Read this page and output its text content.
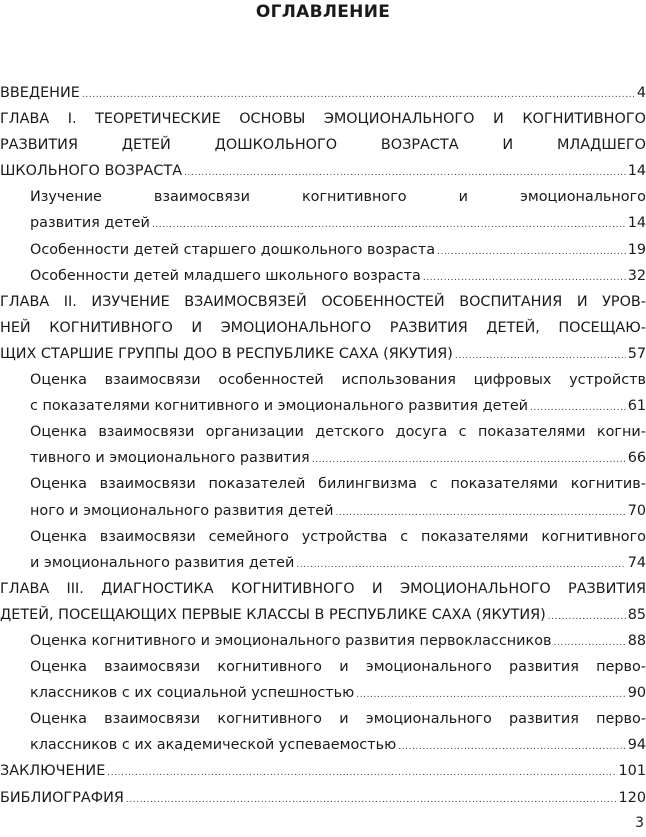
ОГЛАВЛЕНИЕ
ВВЕДЕНИЕ .....	4
ГЛАВА I. ТЕОРЕТИЧЕСКИЕ ОСНОВЫ ЭМОЦИОНАЛЬНОГО И КОГНИТИВНОГО
РАЗВИТИЯ	ДЕТЕЙ	ДОШКОЛЬНОГО	ВОЗРАСТА	И	МЛАДШЕГО
ШКОЛЬНОГО ВОЗРАСТА .....	14
Изучение	взаимосвязи	когнитивного	и	эмоционального
развития детей .....	14
Особенности детей старшего дошкольного возраста .....	19
Особенности детей младшего школьного возраста .....	32
ГЛАВА II. ИЗУЧЕНИЕ ВЗАИМОСВЯЗЕЙ ОСОБЕННОСТЕЙ ВОСПИТАНИЯ И УРОВ-
НЕЙ КОГНИТИВНОГО И ЭМОЦИОНАЛЬНОГО РАЗВИТИЯ ДЕТЕЙ, ПОСЕЩАЮ-
ЩИХ СТАРШИЕ ГРУППЫ ДОО В РЕСПУБЛИКЕ САХА (ЯКУТИЯ) .....	57
Оценка взаимосвязи особенностей использования цифровых устройств
с показателями когнитивного и эмоционального развития детей .....	61
Оценка взаимосвязи организации детского досуга с показателями когни-
тивного и эмоционального развития .....	66
Оценка взаимосвязи показателей билингвизма с показателями когнитив-
ного и эмоционального развития детей .....	70
Оценка взаимосвязи семейного устройства с показателями когнитивного
и эмоционального развития детей .....	74
ГЛАВА III. ДИАГНОСТИКА КОГНИТИВНОГО И ЭМОЦИОНАЛЬНОГО РАЗВИТИЯ
ДЕТЕЙ, ПОСЕЩАЮЩИХ ПЕРВЫЕ КЛАССЫ В РЕСПУБЛИКЕ САХА (ЯКУТИЯ) .....	85
Оценка когнитивного и эмоционального развития первоклассников .....	88
Оценка взаимосвязи когнитивного и эмоционального развития перво-
классников с их социальной успешностью .....	90
Оценка взаимосвязи когнитивного и эмоционального развития перво-
классников с их академической успеваемостью .....	94
ЗАКЛЮЧЕНИЕ .....	101
БИБЛИОГРАФИЯ .....	120
3
